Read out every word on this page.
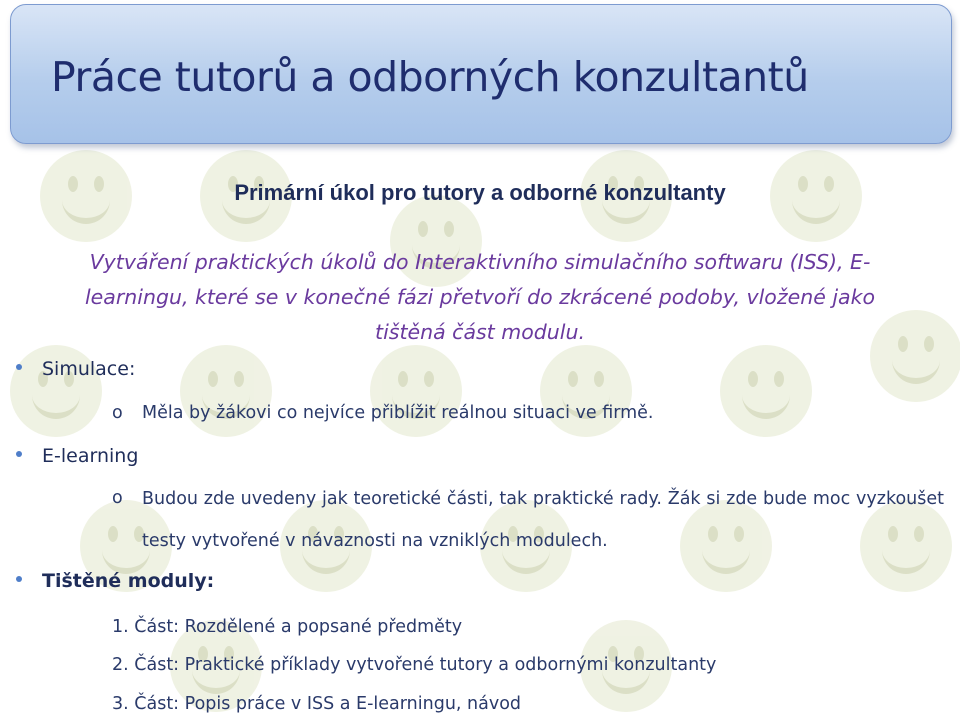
Práce tutorů a odborných konzultantů
Primární úkol pro tutory a odborné konzultanty
Vytváření praktických úkolů do Interaktivního simulačního softwaru (ISS), E-
learningu, které se v konečné fázi přetvoří do zkrácené podoby, vložené jako
tištěná část modulu.
Simulace:
o Měla by žákovi co nejvíce přiblížit reálnou situaci ve firmě.
E-learning
o Budou zde uvedeny jak teoretické části, tak praktické rady. Žák si zde bude moc vyzkoušet testy vytvořené v návaznosti na vzniklých modulech.
Tištěné moduly:
1. Část: Rozdělené a popsané předměty
2. Část: Praktické příklady vytvořené tutory a odbornými konzultanty
3. Část: Popis práce v ISS a E-learningu, návod
